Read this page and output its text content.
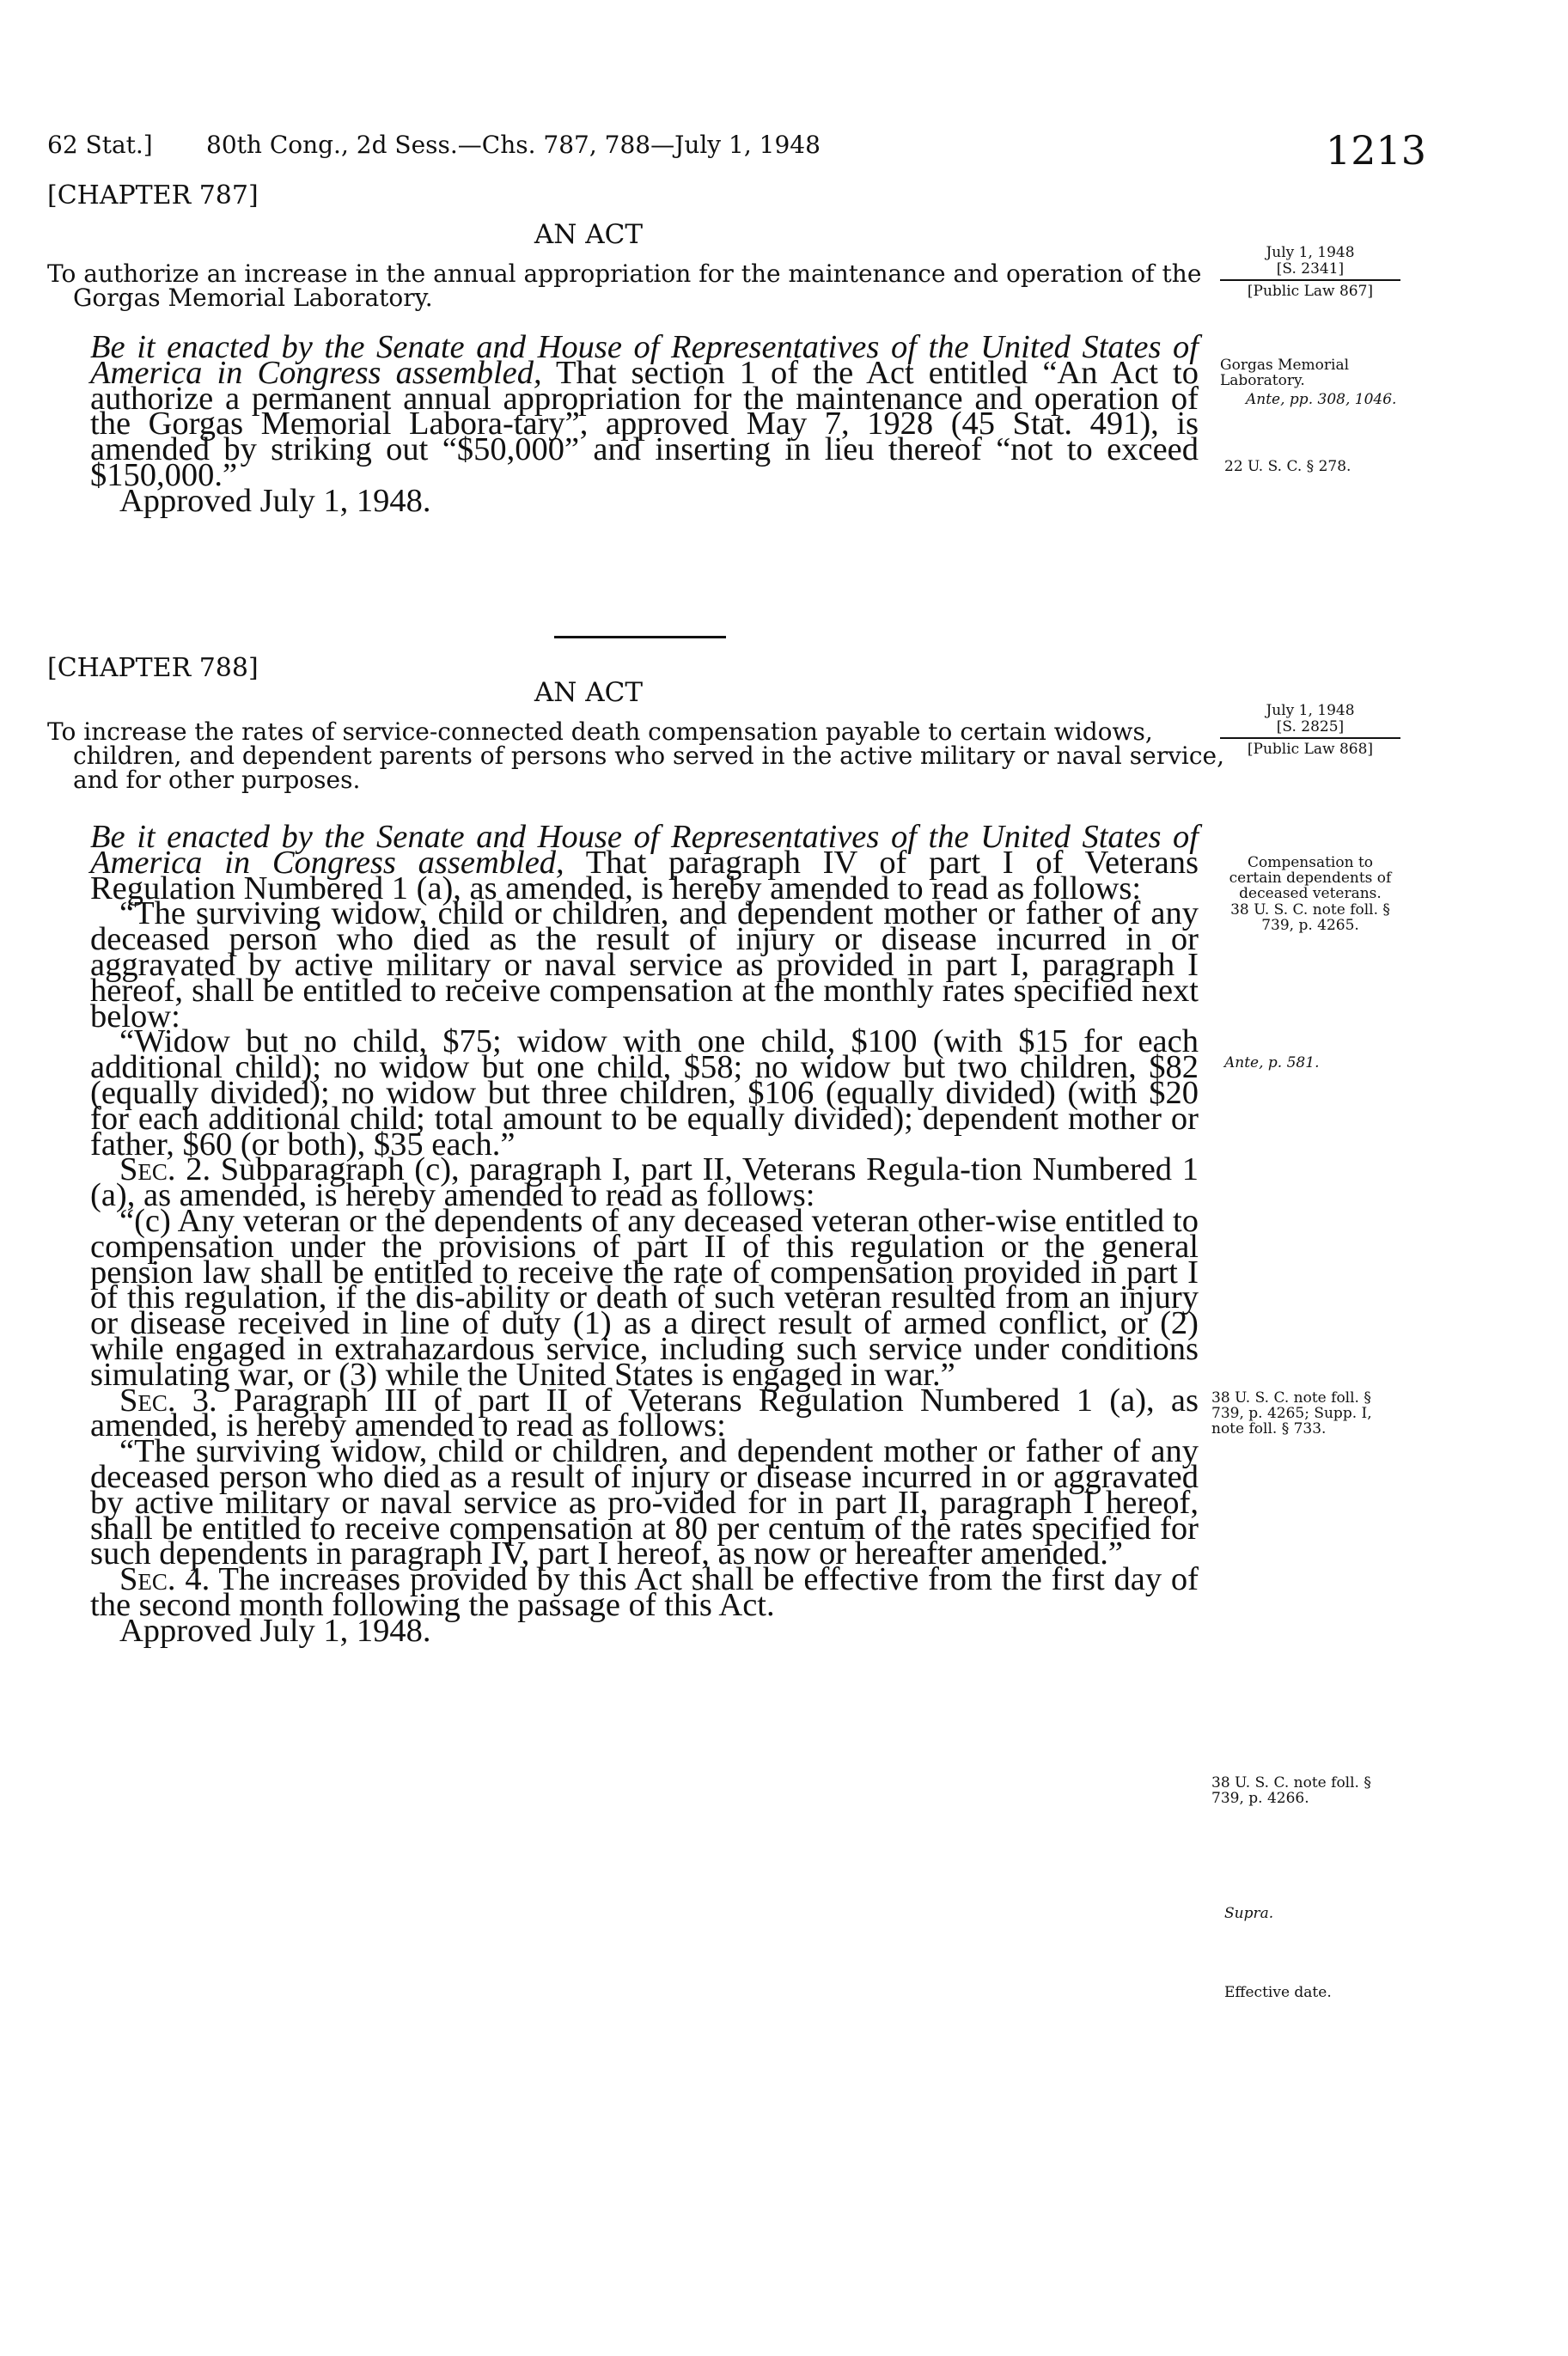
62 Stat.] 80th Cong., 2d Sess.—Chs. 787, 788—July 1, 1948	1213
[CHAPTER 787]
AN ACT
To authorize an increase in the annual appropriation for the maintenance and operation of the Gorgas Memorial Laboratory.
July 1, 1948
[S. 2341]
[Public Law 867]
Gorgas Memorial Laboratory.
Ante, pp. 308, 1046.
22 U. S. C. § 278.

Be it enacted by the Senate and House of Representatives of the United States of America in Congress assembled, That section 1 of the Act entitled “An Act to authorize a permanent annual appropriation for the maintenance and operation of the Gorgas Memorial Labora-tary”, approved May 7, 1928 (45 Stat. 491), is amended by striking out “$50,000” and inserting in lieu thereof “not to exceed $150,000.”

Approved July 1, 1948.

[CHAPTER 788]
AN ACT
To increase the rates of service-connected death compensation payable to certain widows, children, and dependent parents of persons who served in the active military or naval service, and for other purposes.
July 1, 1948
[S. 2825]
[Public Law 868]
Compensation to certain dependents of deceased veterans.
38 U. S. C. note foll. § 739, p. 4265.
Ante, p. 581.
38 U. S. C. note foll. § 739, p. 4265; Supp. I, note foll. § 733.
38 U. S. C. note foll. § 739, p. 4266.
Supra.
Effective date.

Be it enacted by the Senate and House of Representatives of the United States of America in Congress assembled, That paragraph IV of part I of Veterans Regulation Numbered 1 (a), as amended, is hereby amended to read as follows:

“The surviving widow, child or children, and dependent mother or father of any deceased person who died as the result of injury or disease incurred in or aggravated by active military or naval service as provided in part I, paragraph I hereof, shall be entitled to receive compensation at the monthly rates specified next below:

“Widow but no child, $75; widow with one child, $100 (with $15 for each additional child); no widow but one child, $58; no widow but two children, $82 (equally divided); no widow but three children, $106 (equally divided) (with $20 for each additional child; total amount to be equally divided); dependent mother or father, $60 (or both), $35 each.”

Sec. 2. Subparagraph (c), paragraph I, part II, Veterans Regula-tion Numbered 1 (a), as amended, is hereby amended to read as follows:

“(c) Any veteran or the dependents of any deceased veteran other-wise entitled to compensation under the provisions of part II of this regulation or the general pension law shall be entitled to receive the rate of compensation provided in part I of this regulation, if the dis-ability or death of such veteran resulted from an injury or disease received in line of duty (1) as a direct result of armed conflict, or (2) while engaged in extrahazardous service, including such service under conditions simulating war, or (3) while the United States is engaged in war.”

Sec. 3. Paragraph III of part II of Veterans Regulation Numbered 1 (a), as amended, is hereby amended to read as follows:

“The surviving widow, child or children, and dependent mother or father of any deceased person who died as a result of injury or disease incurred in or aggravated by active military or naval service as pro-vided for in part II, paragraph I hereof, shall be entitled to receive compensation at 80 per centum of the rates specified for such dependents in paragraph IV, part I hereof, as now or hereafter amended.”

Sec. 4. The increases provided by this Act shall be effective from the first day of the second month following the passage of this Act.

Approved July 1, 1948.
